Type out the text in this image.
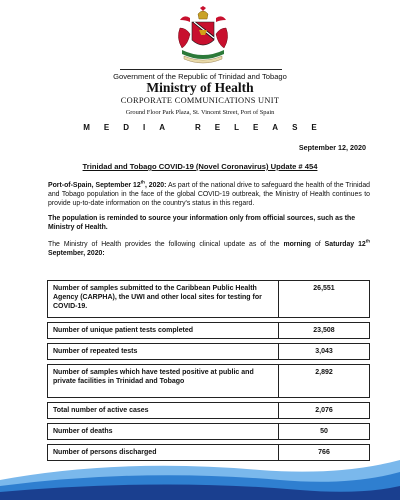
Government of the Republic of Trinidad and Tobago
Ministry of Health
CORPORATE COMMUNICATIONS UNIT
Ground Floor Park Plaza, St. Vincent Street, Port of Spain
MEDIA RELEASE
September 12, 2020
Trinidad and Tobago COVID-19 (Novel Coronavirus) Update # 454
Port-of-Spain, September 12th, 2020: As part of the national drive to safeguard the health of the Trinidad and Tobago population in the face of the global COVID-19 outbreak, the Ministry of Health continues to provide up-to-date information on the country's status in this regard.
The population is reminded to source your information only from official sources, such as the Ministry of Health.
The Ministry of Health provides the following clinical update as of the morning of Saturday 12th September, 2020:
Number of samples submitted to the Caribbean Public Health Agency (CARPHA), the UWI and other local sites for testing for COVID-19.	26,551
Number of unique patient tests completed	23,508
Number of repeated tests	3,043
Number of samples which have tested positive at public and private facilities in Trinidad and Tobago	2,892
Total number of active cases	2,076
Number of deaths	50
Number of persons discharged	766
